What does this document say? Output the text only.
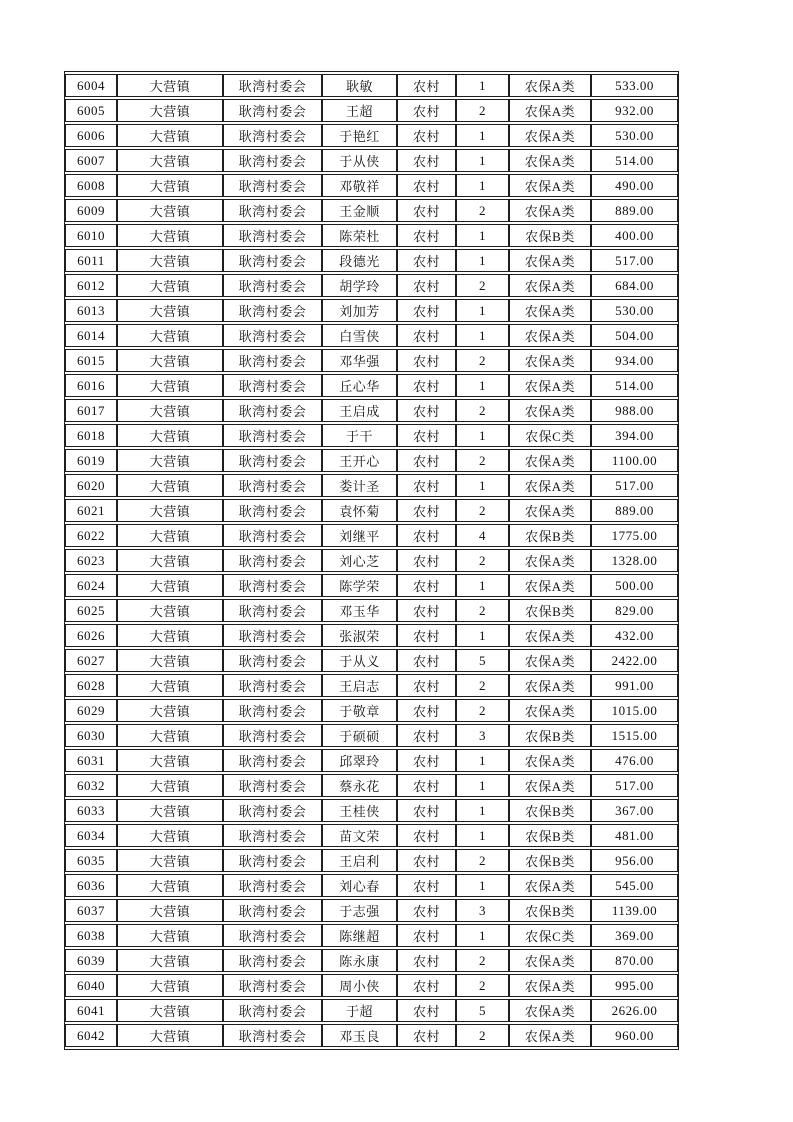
6004	大营镇	耿湾村委会	耿敏	农村	1	农保A类	533.00
6005	大营镇	耿湾村委会	王超	农村	2	农保A类	932.00
6006	大营镇	耿湾村委会	于艳红	农村	1	农保A类	530.00
6007	大营镇	耿湾村委会	于从侠	农村	1	农保A类	514.00
6008	大营镇	耿湾村委会	邓敬祥	农村	1	农保A类	490.00
6009	大营镇	耿湾村委会	王金顺	农村	2	农保A类	889.00
6010	大营镇	耿湾村委会	陈荣杜	农村	1	农保B类	400.00
6011	大营镇	耿湾村委会	段德光	农村	1	农保A类	517.00
6012	大营镇	耿湾村委会	胡学玲	农村	2	农保A类	684.00
6013	大营镇	耿湾村委会	刘加芳	农村	1	农保A类	530.00
6014	大营镇	耿湾村委会	白雪侠	农村	1	农保A类	504.00
6015	大营镇	耿湾村委会	邓华强	农村	2	农保A类	934.00
6016	大营镇	耿湾村委会	丘心华	农村	1	农保A类	514.00
6017	大营镇	耿湾村委会	王启成	农村	2	农保A类	988.00
6018	大营镇	耿湾村委会	于干	农村	1	农保C类	394.00
6019	大营镇	耿湾村委会	王开心	农村	2	农保A类	1100.00
6020	大营镇	耿湾村委会	娄计圣	农村	1	农保A类	517.00
6021	大营镇	耿湾村委会	袁怀菊	农村	2	农保A类	889.00
6022	大营镇	耿湾村委会	刘继平	农村	4	农保B类	1775.00
6023	大营镇	耿湾村委会	刘心芝	农村	2	农保A类	1328.00
6024	大营镇	耿湾村委会	陈学荣	农村	1	农保A类	500.00
6025	大营镇	耿湾村委会	邓玉华	农村	2	农保B类	829.00
6026	大营镇	耿湾村委会	张淑荣	农村	1	农保A类	432.00
6027	大营镇	耿湾村委会	于从义	农村	5	农保A类	2422.00
6028	大营镇	耿湾村委会	王启志	农村	2	农保A类	991.00
6029	大营镇	耿湾村委会	于敬章	农村	2	农保A类	1015.00
6030	大营镇	耿湾村委会	于硕硕	农村	3	农保B类	1515.00
6031	大营镇	耿湾村委会	邱翠玲	农村	1	农保A类	476.00
6032	大营镇	耿湾村委会	蔡永花	农村	1	农保A类	517.00
6033	大营镇	耿湾村委会	王桂侠	农村	1	农保B类	367.00
6034	大营镇	耿湾村委会	苗文荣	农村	1	农保B类	481.00
6035	大营镇	耿湾村委会	王启利	农村	2	农保B类	956.00
6036	大营镇	耿湾村委会	刘心春	农村	1	农保A类	545.00
6037	大营镇	耿湾村委会	于志强	农村	3	农保B类	1139.00
6038	大营镇	耿湾村委会	陈继超	农村	1	农保C类	369.00
6039	大营镇	耿湾村委会	陈永康	农村	2	农保A类	870.00
6040	大营镇	耿湾村委会	周小侠	农村	2	农保A类	995.00
6041	大营镇	耿湾村委会	于超	农村	5	农保A类	2626.00
6042	大营镇	耿湾村委会	邓玉良	农村	2	农保A类	960.00
